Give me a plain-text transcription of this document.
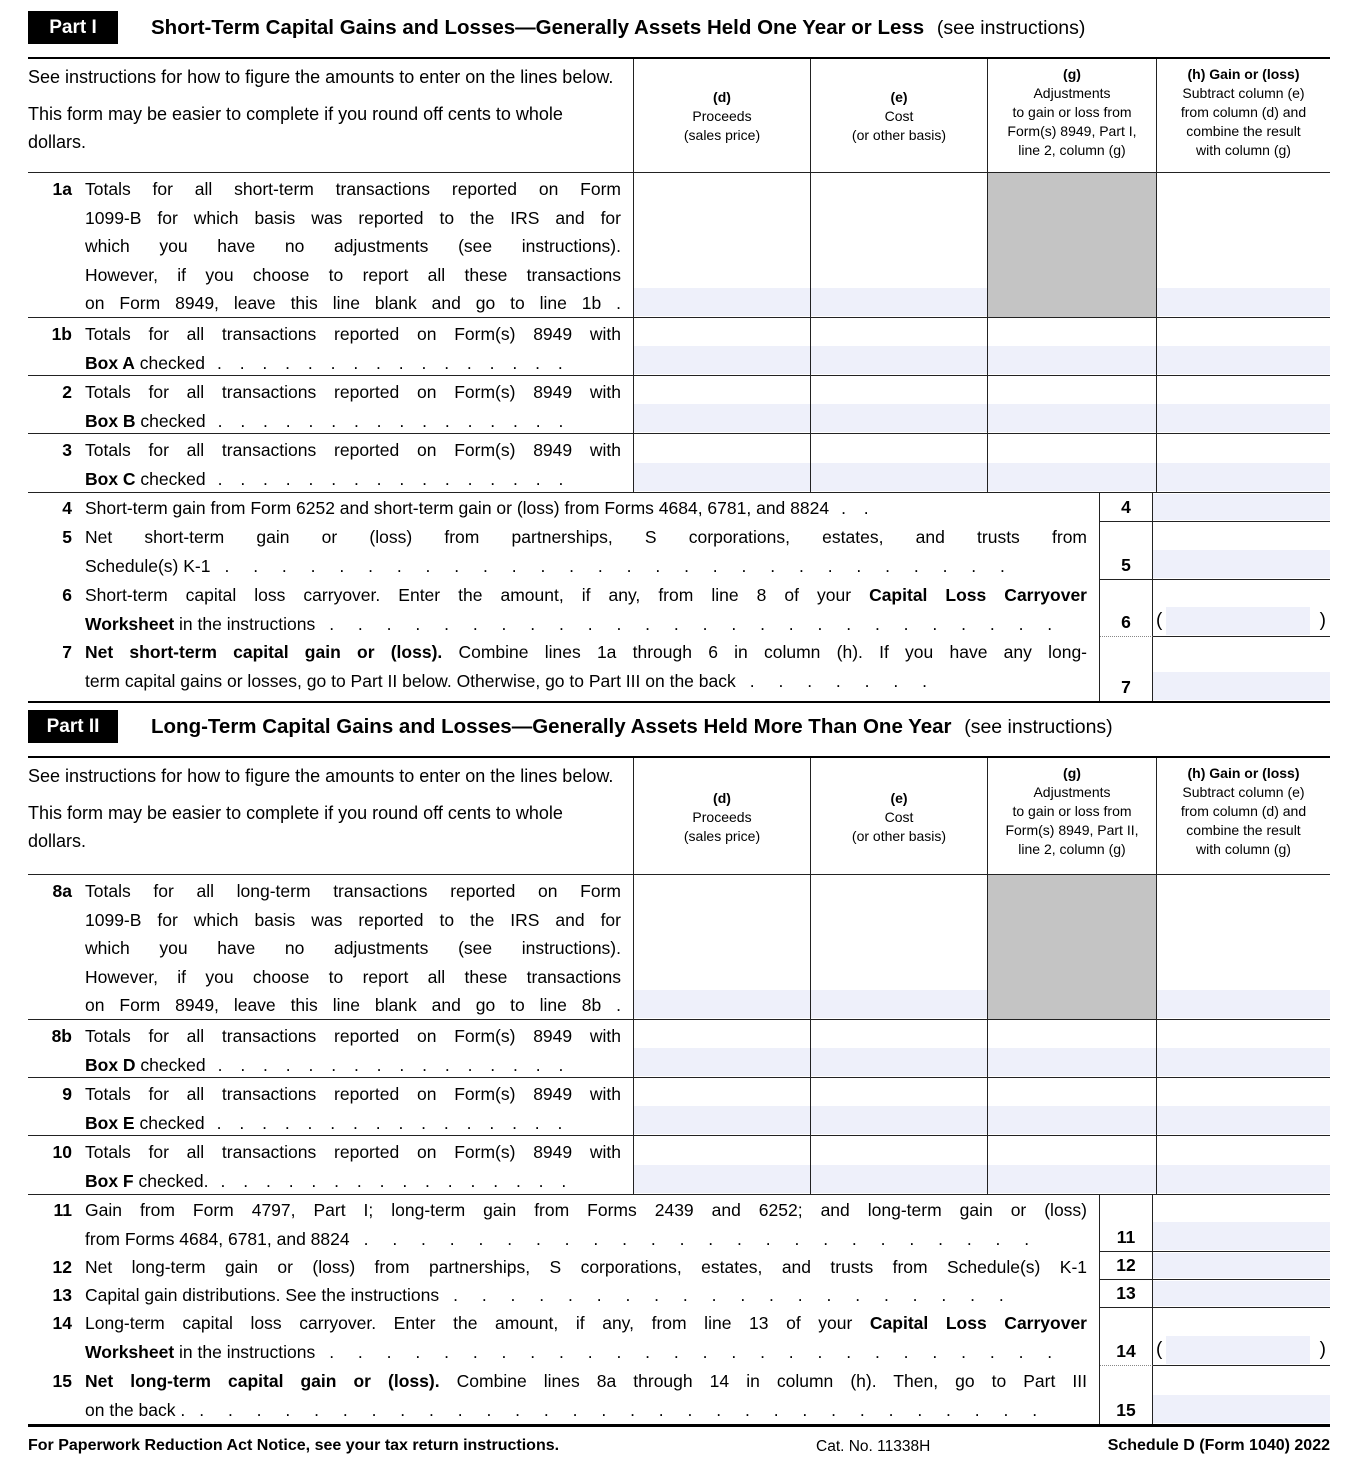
Part I	Short-Term Capital Gains and Losses—Generally Assets Held One Year or Less (see instructions)

See instructions for how to figure the amounts to enter on the lines below.

This form may be easier to complete if you round off cents to whole dollars.

(d)
Proceeds
(sales price)
(e)
Cost
(or other basis)
(g)
Adjustments
to gain or loss from
Form(s) 8949, Part I,
line 2, column (g)
(h) Gain or (loss)
Subtract column (e)
from column (d) and
combine the result
with column (g)
1a Totals for all short-term transactions reported on Form
1099-B for which basis was reported to the IRS and for
which you have no adjustments (see instructions).
However, if you choose to report all these transactions
on Form 8949, leave this line blank and go to line 1b .
1b Totals for all transactions reported on Form(s) 8949 with
Box A checked . . . . . . . . . . . . . . . .
2 Totals for all transactions reported on Form(s) 8949 with
Box B checked . . . . . . . . . . . . . . . .
3 Totals for all transactions reported on Form(s) 8949 with
Box C checked . . . . . . . . . . . . . . . .
4 Short-term gain from Form 6252 and short-term gain or (loss) from Forms 4684, 6781, and 8824 . .	4
5 Net short-term gain or (loss) from partnerships, S corporations, estates, and trusts from
Schedule(s) K-1 . . . . . . . . . . . . . . . . . . . . . . . . . . . .	5
6 Short-term capital loss carryover. Enter the amount, if any, from line 8 of your Capital Loss Carryover
Worksheet in the instructions . . . . . . . . . . . . . . . . . . . . . . . . . .	6	(	)
7 Net short-term capital gain or (loss). Combine lines 1a through 6 in column (h). If you have any long-
term capital gains or losses, go to Part II below. Otherwise, go to Part III on the back . . . . . . .	7
Part II	Long-Term Capital Gains and Losses—Generally Assets Held More Than One Year (see instructions)

See instructions for how to figure the amounts to enter on the lines below.

This form may be easier to complete if you round off cents to whole dollars.

(d)
Proceeds
(sales price)
(e)
Cost
(or other basis)
(g)
Adjustments
to gain or loss from
Form(s) 8949, Part II,
line 2, column (g)
(h) Gain or (loss)
Subtract column (e)
from column (d) and
combine the result
with column (g)
8a Totals for all long-term transactions reported on Form
1099-B for which basis was reported to the IRS and for
which you have no adjustments (see instructions).
However, if you choose to report all these transactions
on Form 8949, leave this line blank and go to line 8b .
8b Totals for all transactions reported on Form(s) 8949 with
Box D checked . . . . . . . . . . . . . . . .
9 Totals for all transactions reported on Form(s) 8949 with
Box E checked . . . . . . . . . . . . . . . .
10 Totals for all transactions reported on Form(s) 8949 with
Box F checked. . . . . . . . . . . . . . . . .
11 Gain from Form 4797, Part I; long-term gain from Forms 2439 and 6252; and long-term gain or (loss)
from Forms 4684, 6781, and 8824 . . . . . . . . . . . . . . . . . . . . . . . .	11
12 Net long-term gain or (loss) from partnerships, S corporations, estates, and trusts from Schedule(s) K-1	12
13 Capital gain distributions. See the instructions . . . . . . . . . . . . . . . . . . . .	13
14 Long-term capital loss carryover. Enter the amount, if any, from line 13 of your Capital Loss Carryover
Worksheet in the instructions . . . . . . . . . . . . . . . . . . . . . . . . . .	14	(	)
15 Net long-term capital gain or (loss). Combine lines 8a through 14 in column (h). Then, go to Part III
on the back . . . . . . . . . . . . . . . . . . . . . . . . . . . . . . .	15
For Paperwork Reduction Act Notice, see your tax return instructions.	Cat. No. 11338H	Schedule D (Form 1040) 2022
